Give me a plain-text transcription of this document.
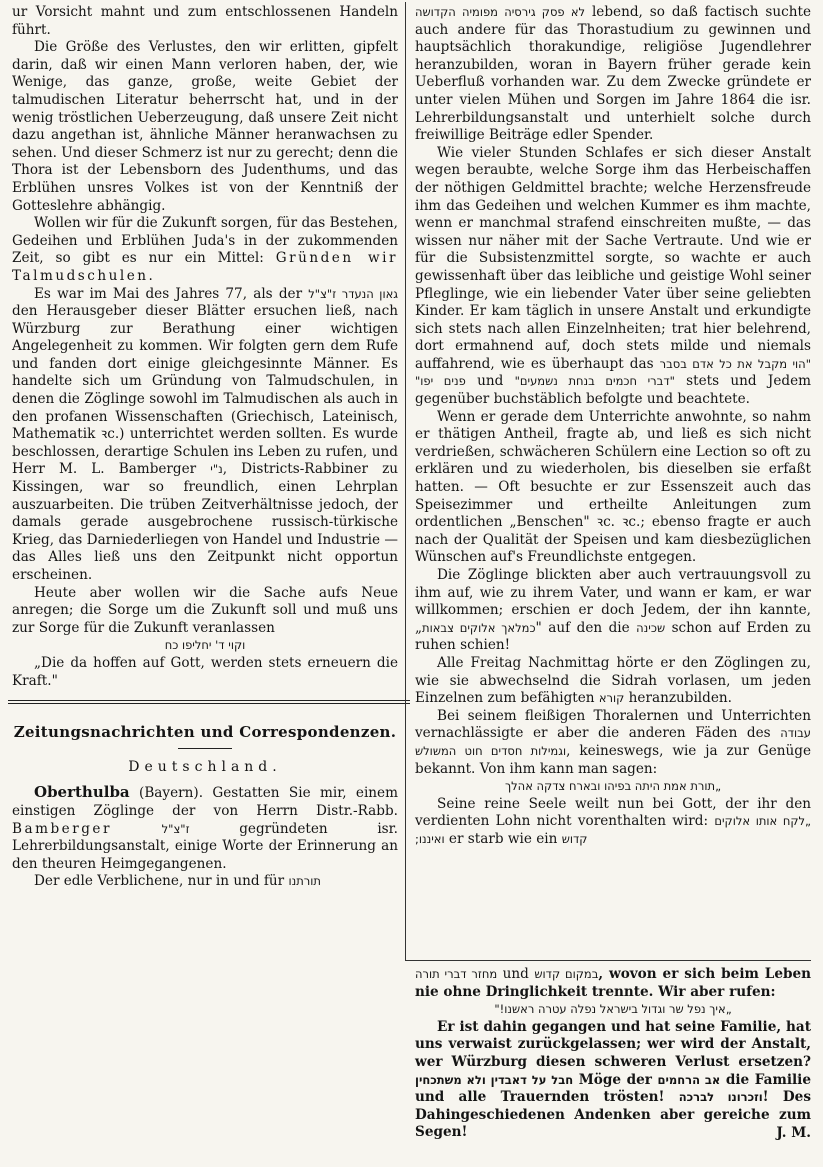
ur Vorsicht mahnt und zum entschlossenen Handeln führt.

Die Größe des Verlustes, den wir erlitten, gipfelt darin, daß wir einen Mann verloren haben, der, wie Wenige, das ganze, große, weite Gebiet der talmudischen Literatur beherrscht hat, und in der wenig tröstlichen Ueberzeugung, daß unsere Zeit nicht dazu angethan ist, ähnliche Männer heranwachsen zu sehen. Und dieser Schmerz ist nur zu gerecht; denn die Thora ist der Lebensborn des Judenthums, und das Erblühen unsres Volkes ist von der Kenntniß der Gotteslehre abhängig.

Wollen wir für die Zukunft sorgen, für das Bestehen, Gedeihen und Erblühen Juda's in der zukommenden Zeit, so gibt es nur ein Mittel: Gründen wir Talmudschulen.

Es war im Mai des Jahres 77, als der גאון הנעדר ז"צ"ל den Herausgeber dieser Blätter ersuchen ließ, nach Würzburg zur Berathung einer wichtigen Angelegenheit zu kommen. Wir folgten gern dem Rufe und fanden dort einige gleichgesinnte Männer. Es handelte sich um Gründung von Talmudschulen, in denen die Zöglinge sowohl im Talmudischen als auch in den profanen Wissenschaften (Griechisch, Lateinisch, Mathematik ꝛc.) unterrichtet werden sollten. Es wurde beschlossen, derartige Schulen ins Leben zu rufen, und Herr M. L. Bamberger נ"י, Districts-Rabbiner zu Kissingen, war so freundlich, einen Lehrplan auszuarbeiten. Die trüben Zeitverhältnisse jedoch, der damals gerade ausgebrochene russisch-türkische Krieg, das Darniederliegen von Handel und Industrie — das Alles ließ uns den Zeitpunkt nicht opportun erscheinen.

Heute aber wollen wir die Sache aufs Neue anregen; die Sorge um die Zukunft soll und muß uns zur Sorge für die Zukunft veranlassen

וקוי ד' יחליפו כח

„Die da hoffen auf Gott, werden stets erneuern die Kraft."

Zeitungsnachrichten und Correspondenzen.
Deutschland.

Oberthulba (Bayern). Gestatten Sie mir, einem einstigen Zöglinge der von Herrn Distr.-Rabb. Bamberger	ז"צ"ל gegründeten isr. Lehrerbildungsanstalt, einige Worte der Erinnerung an den theuren Heimgegangenen.

Der edle Verblichene, nur in und für תורתנו

לא פסק גירסיה מפומיה הקדושה lebend, so daß factisch suchte auch andere für das Thorastudium zu gewinnen und hauptsächlich thorakundige, religiöse Jugendlehrer heranzubilden, woran in Bayern früher gerade kein Ueberfluß vorhanden war. Zu dem Zwecke gründete er unter vielen Mühen und Sorgen im Jahre 1864 die isr. Lehrerbildungsanstalt und unterhielt solche durch freiwillige Beiträge edler Spender.

Wie vieler Stunden Schlafes er sich dieser Anstalt wegen beraubte, welche Sorge ihm das Herbeischaffen der nöthigen Geldmittel brachte; welche Herzensfreude ihm das Gedeihen und welchen Kummer es ihm machte, wenn er manchmal strafend einschreiten mußte, — das wissen nur näher mit der Sache Vertraute. Und wie er für die Subsistenzmittel sorgte, so wachte er auch gewissenhaft über das leibliche und geistige Wohl seiner Pfleglinge, wie ein liebender Vater über seine geliebten Kinder. Er kam täglich in unsere Anstalt und erkundigte sich stets nach allen Einzelnheiten; trat hier belehrend, dort ermahnend auf, doch stets milde und niemals auffahrend, wie es überhaupt das "הוי מקבל את כל אדם בסבר פנים יפו" und "דברי חכמים בנחת נשמעים" stets und Jedem gegenüber buchstäblich befolgte und beachtete.

Wenn er gerade dem Unterrichte anwohnte, so nahm er thätigen Antheil, fragte ab, und ließ es sich nicht verdrießen, schwächeren Schülern eine Lection so oft zu erklären und zu wiederholen, bis dieselben sie erfaßt hatten. — Oft besuchte er zur Essenszeit auch das Speisezimmer und ertheilte Anleitungen zum ordentlichen „Benschen" ꝛc. ꝛc.; ebenso fragte er auch nach der Qualität der Speisen und kam diesbezüglichen Wünschen auf's Freundlichste entgegen.

Die Zöglinge blickten aber auch vertrauungsvoll zu ihm auf, wie zu ihrem Vater, und wann er kam, er war willkommen; erschien er doch Jedem, der ihn kannte, „כמלאך אלוקים צבאות" auf den die שכינה schon auf Erden zu ruhen schien!

Alle Freitag Nachmittag hörte er den Zöglingen zu, wie sie abwechselnd die Sidrah vorlasen, um jeden Einzelnen zum befähigten קורא heranzubilden.

Bei seinem fleißigen Thoralernen und Unterrichten vernachlässigte er aber die anderen Fäden des עבודה וגמילות חסדים חוט המשולש, keineswegs, wie ja zur Genüge bekannt. Von ihm kann man sagen:

„תורת אמת היתה בפיהו ובארח צדקה אהלך

Seine reine Seele weilt nun bei Gott, der ihr den verdienten Lohn nicht vorenthalten wird: „לקח אותו אלוקים ואיננו; er starb wie ein קדוש

מחזר דברי תורה und במקום קדוש, wovon er sich beim Leben nie ohne Dringlichkeit trennte. Wir aber rufen:

„איך נפל שר וגדול בישראל נפלה עטרה ראשנו!"

Er ist dahin gegangen und hat seine Familie, hat uns verwaist zurückgelassen; wer wird der Anstalt, wer Würzburg diesen schweren Verlust ersetzen? חבל על דאבדין ולא משתכחין Möge der אב הרחמים die Familie und alle Trauernden trösten! וזכרונו לברכה! Des Dahingeschiedenen Andenken aber gereiche zum Segen!	J. M.
